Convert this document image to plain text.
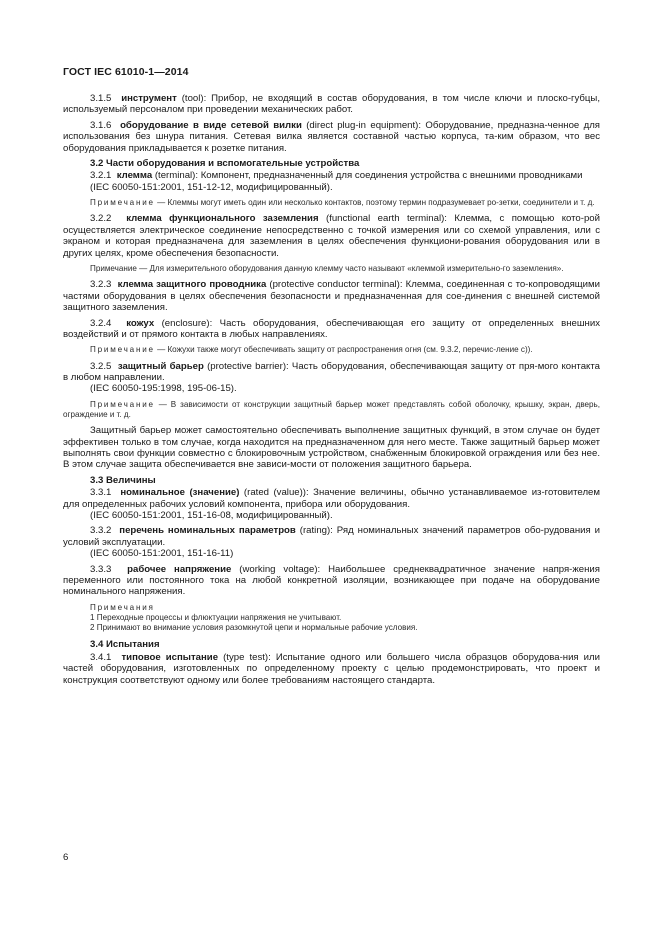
ГОСТ IEC 61010-1—2014

3.1.5 инструмент (tool): Прибор, не входящий в состав оборудования, в том числе ключи и плоско-губцы, используемый персоналом при проведении механических работ.

3.1.6 оборудование в виде сетевой вилки (direct plug-in equipment): Оборудование, предназна-ченное для использования без шнура питания. Сетевая вилка является составной частью корпуса, та-ким образом, что вес оборудования прикладывается к розетке питания.

3.2 Части оборудования и вспомогательные устройства

3.2.1 клемма (terminal): Компонент, предназначенный для соединения устройства с внешними проводниками

(IEC 60050-151:2001, 151-12-12, модифицированный).

Примечание — Клеммы могут иметь один или несколько контактов, поэтому термин подразумевает ро-зетки, соединители и т. д.

3.2.2 клемма функционального заземления (functional earth terminal): Клемма, с помощью кото-рой осуществляется электрическое соединение непосредственно с точкой измерения или со схемой управления, или с экраном и которая предназначена для заземления в целях обеспечения функциони-рования оборудования или в других целях, кроме обеспечения безопасности.

Примечание — Для измерительного оборудования данную клемму часто называют «клеммой измерительно-го заземления».

3.2.3 клемма защитного проводника (protective conductor terminal): Клемма, соединенная с то-копроводящими частями оборудования в целях обеспечения безопасности и предназначенная для сое-динения с внешней системой защитного заземления.

3.2.4 кожух (enclosure): Часть оборудования, обеспечивающая его защиту от определенных внешних воздействий и от прямого контакта в любых направлениях.

Примечание — Кожухи также могут обеспечивать защиту от распространения огня (см. 9.3.2, перечис-ление с)).

3.2.5 защитный барьер (protective barrier): Часть оборудования, обеспечивающая защиту от пря-мого контакта в любом направлении.

(IEC 60050-195:1998, 195-06-15).

Примечание — В зависимости от конструкции защитный барьер может представлять собой оболочку, крышку, экран, дверь, ограждение и т. д.

Защитный барьер может самостоятельно обеспечивать выполнение защитных функций, в этом случае он будет эффективен только в том случае, когда находится на предназначенном для него месте. Также защитный барьер может выполнять свои функции совместно с блокировочным устройством, снабженным блокировкой ограждения или без нее. В этом случае защита обеспечивается вне зависи-мости от положения защитного барьера.

3.3 Величины

3.3.1 номинальное (значение) (rated (value)): Значение величины, обычно устанавливаемое из-готовителем для определенных рабочих условий компонента, прибора или оборудования.

(IEC 60050-151:2001, 151-16-08, модифицированный).

3.3.2 перечень номинальных параметров (rating): Ряд номинальных значений параметров обо-рудования и условий эксплуатации.

(IEC 60050-151:2001, 151-16-11)

3.3.3 рабочее напряжение (working voltage): Наибольшее среднеквадратичное значение напря-жения переменного или постоянного тока на любой конкретной изоляции, возникающее при подаче на оборудование номинального напряжения.

Примечания
1 Переходные процессы и флюктуации напряжения не учитывают.
2 Принимают во внимание условия разомкнутой цепи и нормальные рабочие условия.
3.4 Испытания

3.4.1 типовое испытание (type test): Испытание одного или большего числа образцов оборудова-ния или частей оборудования, изготовленных по определенному проекту с целью продемонстрировать, что проект и конструкция соответствуют одному или более требованиям настоящего стандарта.

6
